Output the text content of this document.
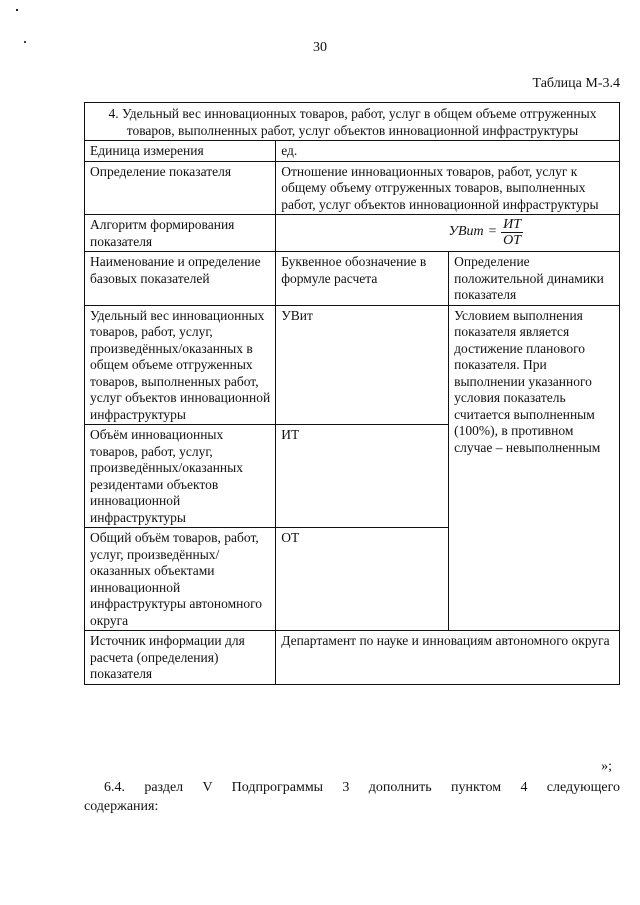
30
Таблица М-3.4
4. Удельный вес инновационных товаров, работ, услуг в общем объеме отгруженных товаров, выполненных работ, услуг объектов инновационной инфраструктуры		
Единица измерения	ед.	
Определение показателя	Отношение инновационных товаров, работ, услуг к общему объему отгруженных товаров, выполненных работ, услуг объектов инновационной инфраструктуры	
Алгоритм формирования показателя	УВит = $\frac{ИТ}{ОТ}$

Наименование и определение базовых показателей	Буквенное обозначение в формуле расчета	Определение положительной динамики показателя
Удельный вес инновационных товаров, работ, услуг, произведённых/оказанных в общем объеме отгруженных товаров, выполненных работ, услуг объектов инновационной инфраструктуры	УВит	Условием выполнения показателя является достижение планового показателя. При выполнении указанного условия показатель считается выполненным (100%), в противном случае – невыполненным
Объём инновационных товаров, работ, услуг, произведённых/оказанных резидентами объектов инновационной инфраструктуры	ИТ	
Общий объём товаров, работ, услуг, произведённых/оказанных объектами инновационной инфраструктуры автономного округа	ОТ	
Источник информации для расчета (определения) показателя	Департамент по науке и инновациям автономного округа	
»;
6.4. раздел V Подпрограммы 3 дополнить пунктом 4 следующего содержания:
